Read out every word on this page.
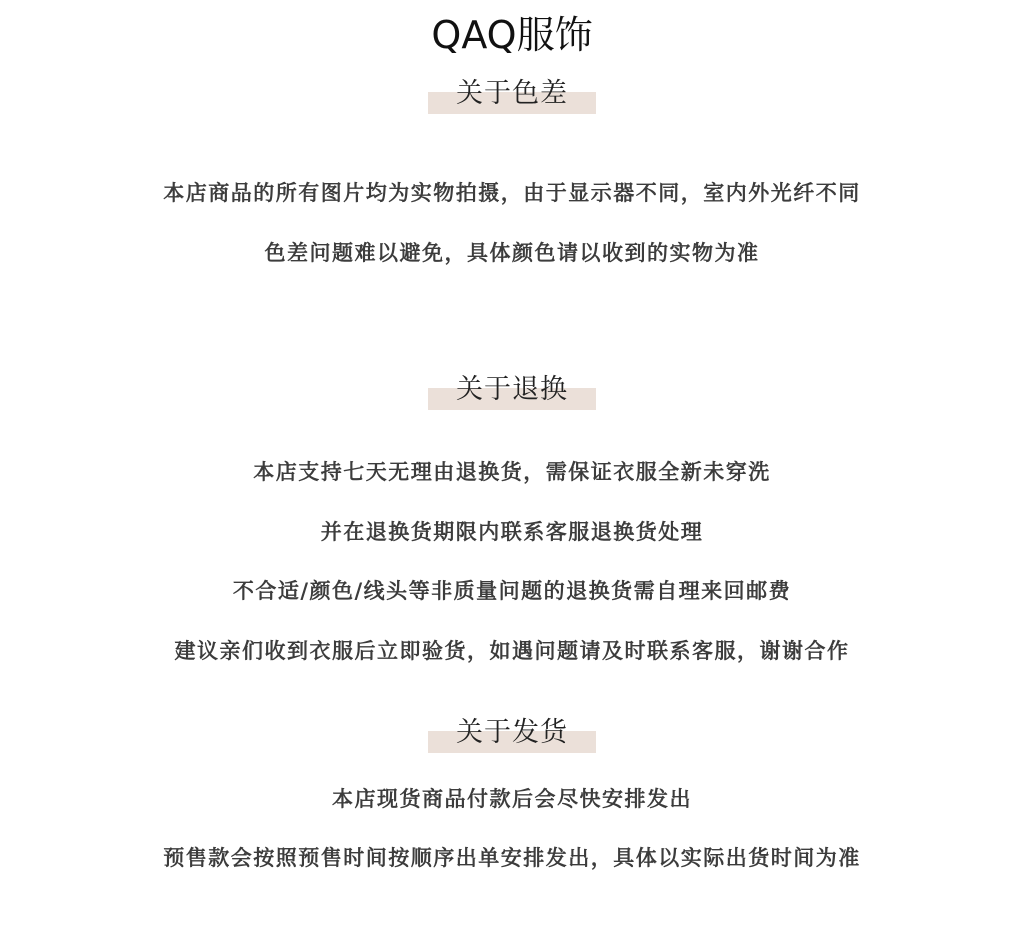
QAQ服饰
关于色差
本店商品的所有图片均为实物拍摄，由于显示器不同，室内外光纤不同
色差问题难以避免，具体颜色请以收到的实物为准
关于退换
本店支持七天无理由退换货，需保证衣服全新未穿洗
并在退换货期限内联系客服退换货处理
不合适/颜色/线头等非质量问题的退换货需自理来回邮费
建议亲们收到衣服后立即验货，如遇问题请及时联系客服，谢谢合作
关于发货
本店现货商品付款后会尽快安排发出
预售款会按照预售时间按顺序出单安排发出，具体以实际出货时间为准
